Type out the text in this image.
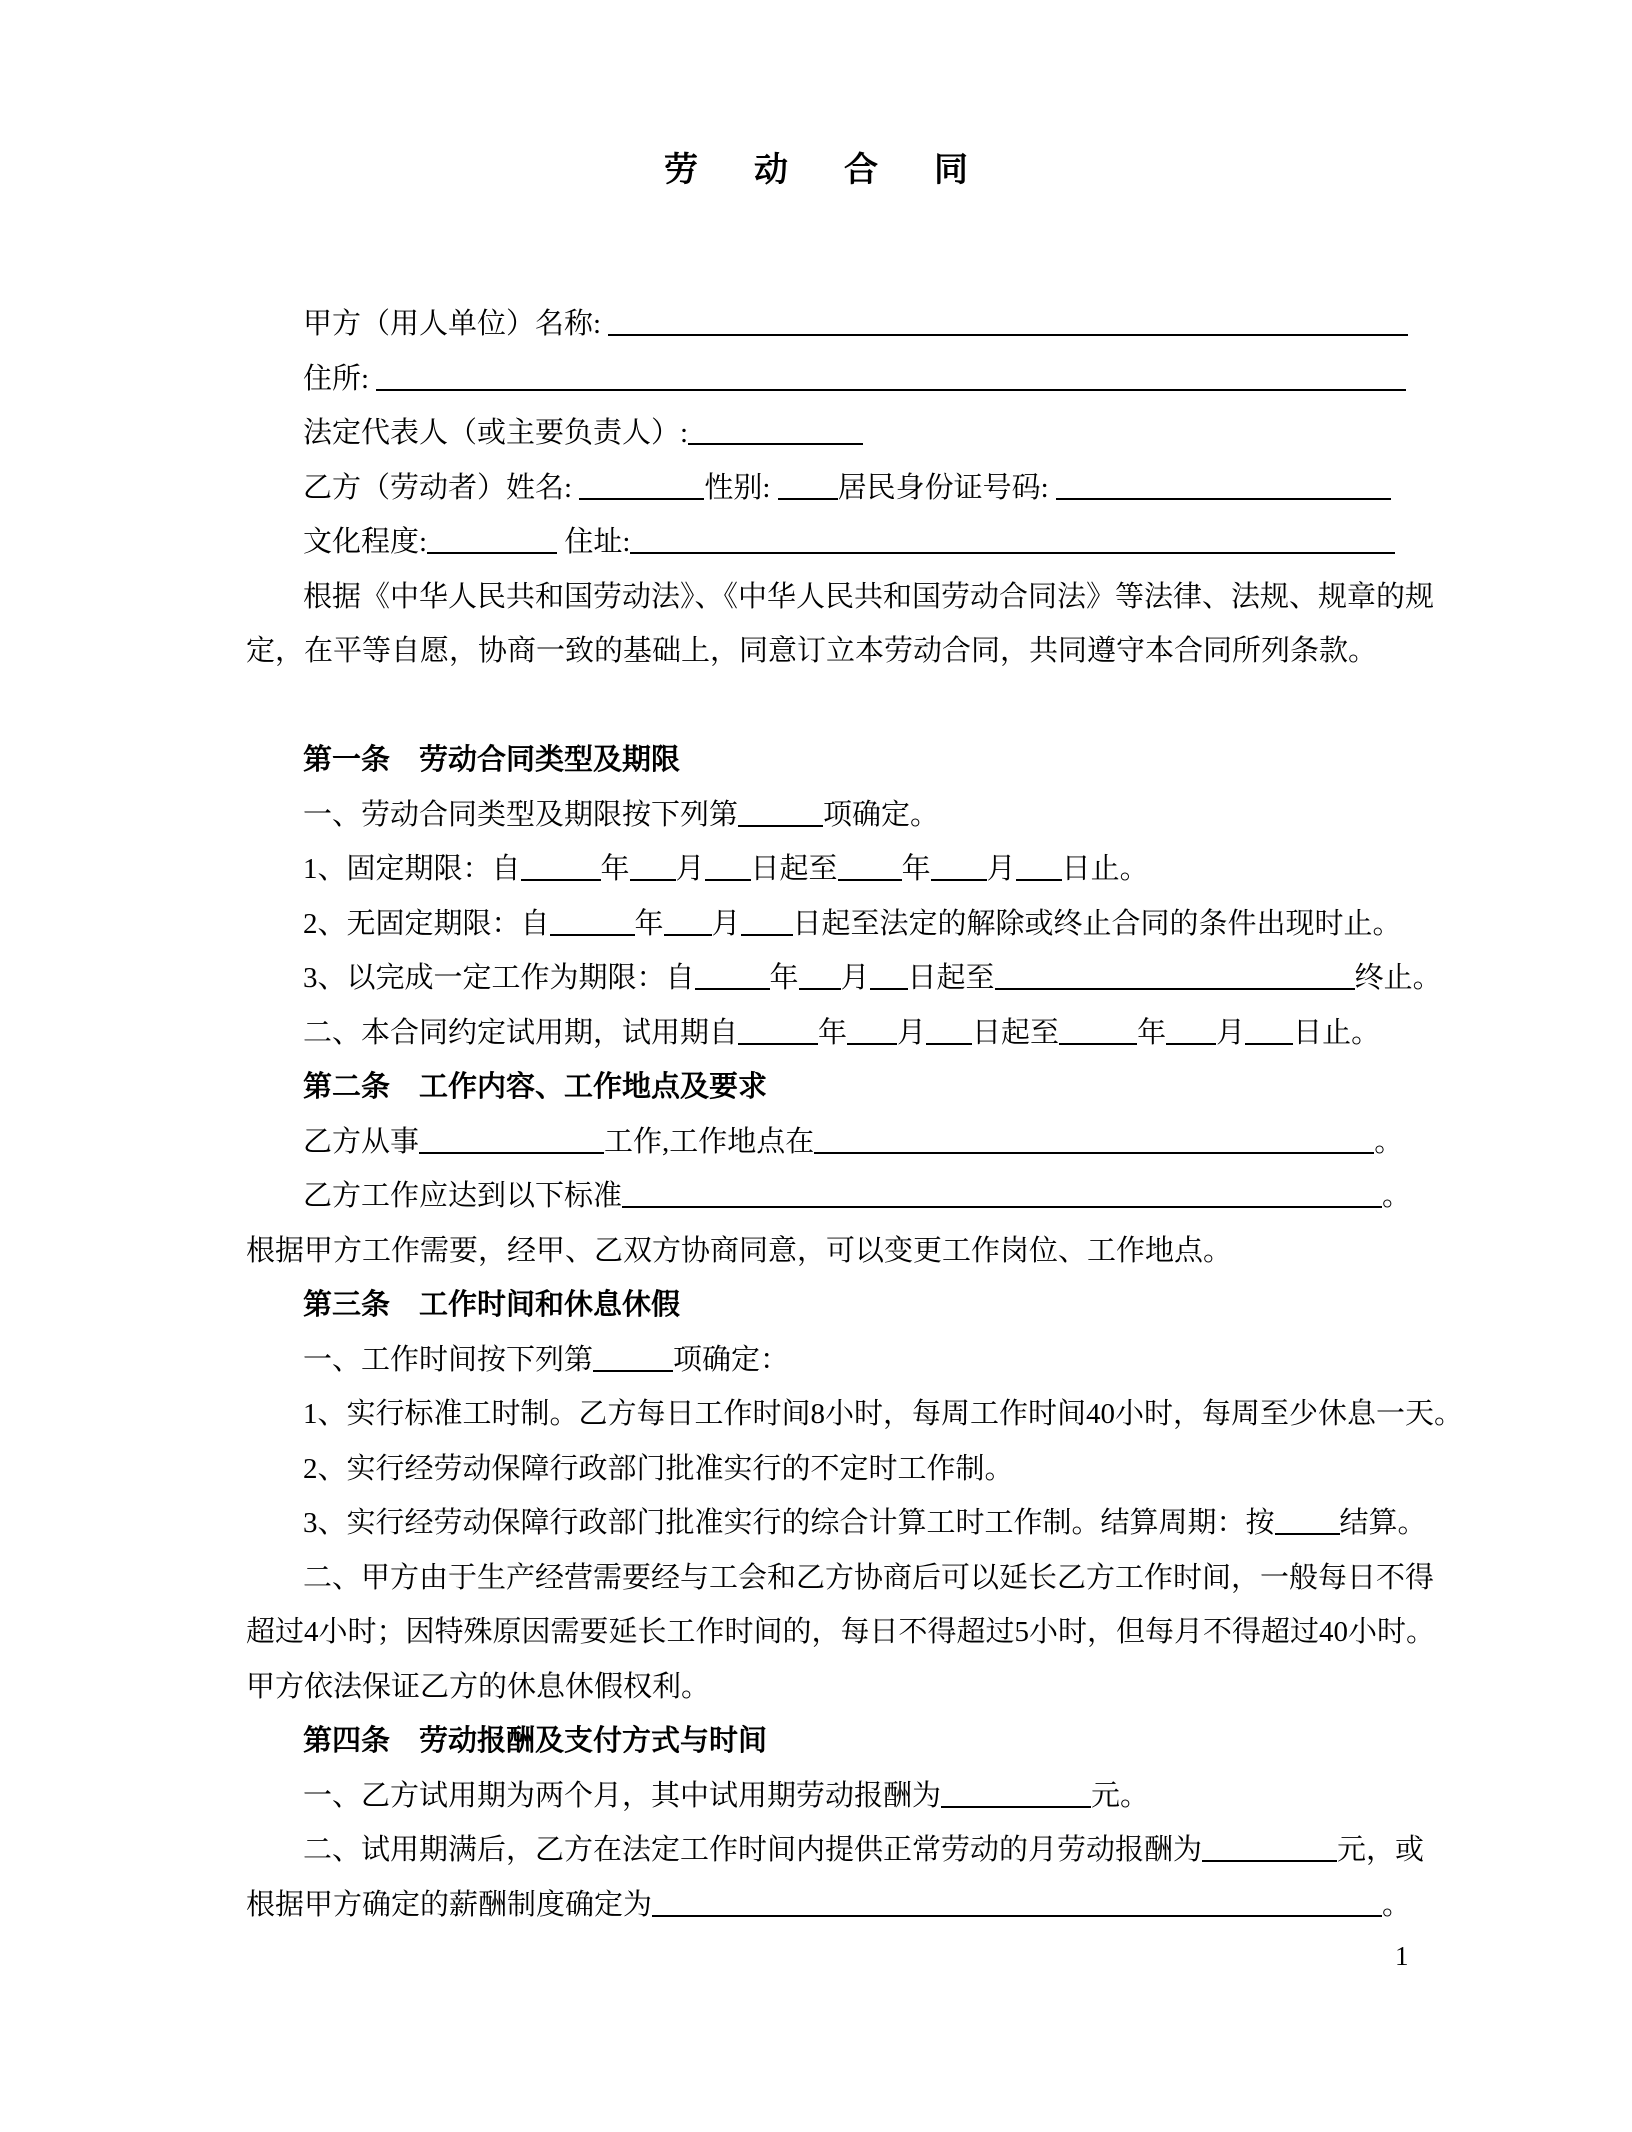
劳　动　合　同
甲方（用人单位）名称:
住所:
法定代表人（或主要负责人）:
乙方（劳动者）姓名:	性别: 居民身份证号码:
文化程度:	住址:
根据《中华人民共和国劳动法》、《中华人民共和国劳动合同法》等法律、法规、规章的规
定，在平等自愿，协商一致的基础上，同意订立本劳动合同，共同遵守本合同所列条款。
第一条　劳动合同类型及期限
一、劳动合同类型及期限按下列第	项确定。
1、固定期限：自	年 月 日起至 年 月 日止。
2、无固定期限：自	年 月 日起至法定的解除或终止合同的条件出现时止。
3、以完成一定工作为期限：自	年 月 日起至	终止。
二、本合同约定试用期，试用期自	年 月 日起至	年 月 日止。
第二条　工作内容、工作地点及要求
乙方从事	工作,工作地点在	。
乙方工作应达到以下标准	。
根据甲方工作需要，经甲、乙双方协商同意，可以变更工作岗位、工作地点。
第三条　工作时间和休息休假
一、工作时间按下列第	项确定：
1、实行标准工时制。乙方每日工作时间8小时，每周工作时间40小时，每周至少休息一天。
2、实行经劳动保障行政部门批准实行的不定时工作制。
3、实行经劳动保障行政部门批准实行的综合计算工时工作制。结算周期：按 结算。
二、甲方由于生产经营需要经与工会和乙方协商后可以延长乙方工作时间，一般每日不得
超过4小时；因特殊原因需要延长工作时间的，每日不得超过5小时，但每月不得超过40小时。
甲方依法保证乙方的休息休假权利。
第四条　劳动报酬及支付方式与时间
一、乙方试用期为两个月，其中试用期劳动报酬为	元。
二、试用期满后，乙方在法定工作时间内提供正常劳动的月劳动报酬为	元，或
根据甲方确定的薪酬制度确定为	。
1
